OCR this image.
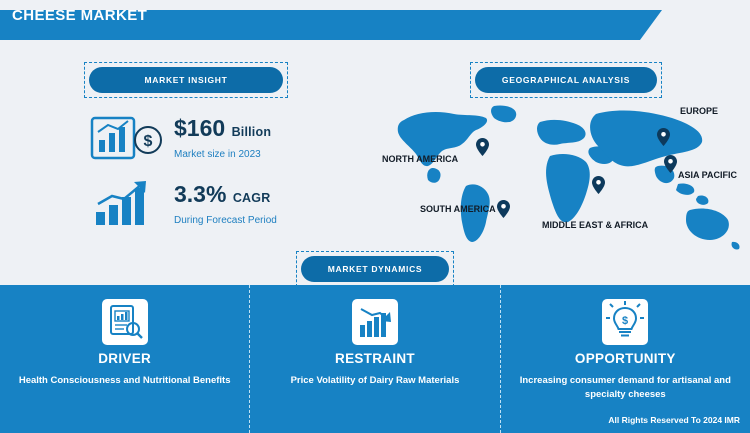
CHEESE MARKET
MARKET INSIGHT	GEOGRAPHICAL ANALYSIS
$
$160 Billion
Market size in 2023
3.3% CAGR
During Forecast Period
NORTH AMERICA
EUROPE
ASIA PACIFIC
SOUTH AMERICA
MIDDLE EAST & AFRICA
MARKET DYNAMICS
DRIVER
Health Consciousness and Nutritional Benefits
RESTRAINT
Price Volatility of Dairy Raw Materials
$
OPPORTUNITY
Increasing consumer demand for artisanal and specialty cheeses
All Rights Reserved To 2024 IMR
